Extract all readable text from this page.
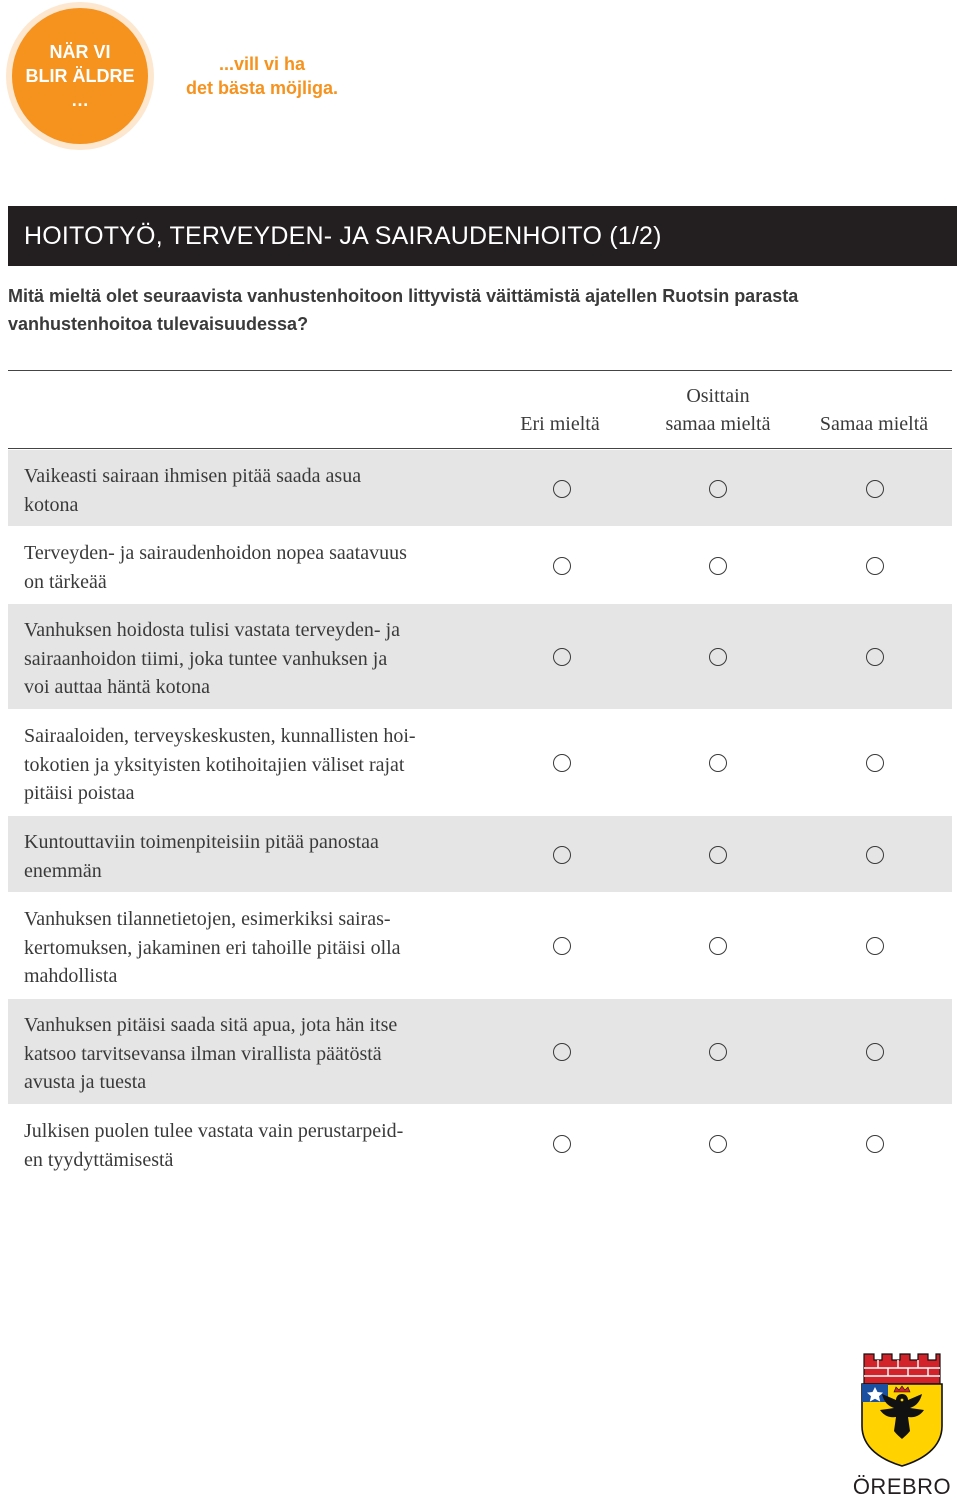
NÄR VI
BLIR ÄLDRE
…
...vill vi ha
det bästa möjliga.
HOITOTYÖ, TERVEYDEN- JA SAIRAUDENHOITO (1/2)
Mitä mieltä olet seuraavista vanhustenhoitoon littyvistä väittämistä ajatellen Ruotsin parasta vanhustenhoitoa tulevaisuudessa?
Eri mieltä
Osittain
samaa mieltä	Samaa mieltä
Vaikeasti sairaan ihmisen pitää saada asua
kotona
Terveyden- ja sairaudenhoidon nopea saatavuus
on tärkeää
Vanhuksen hoidosta tulisi vastata terveyden- ja
sairaanhoidon tiimi, joka tuntee vanhuksen ja
voi auttaa häntä kotona
Sairaaloiden, terveyskeskusten, kunnallisten hoi-
tokotien ja yksityisten kotihoitajien väliset rajat
pitäisi poistaa
Kuntouttaviin toimenpiteisiin pitää panostaa
enemmän
Vanhuksen tilannetietojen, esimerkiksi sairas-
kertomuksen, jakaminen eri tahoille pitäisi olla
mahdollista
Vanhuksen pitäisi saada sitä apua, jota hän itse
katsoo tarvitsevansa ilman virallista päätöstä
avusta ja tuesta
Julkisen puolen tulee vastata vain perustarpeid-
en tyydyttämisestä
ÖREBRO
